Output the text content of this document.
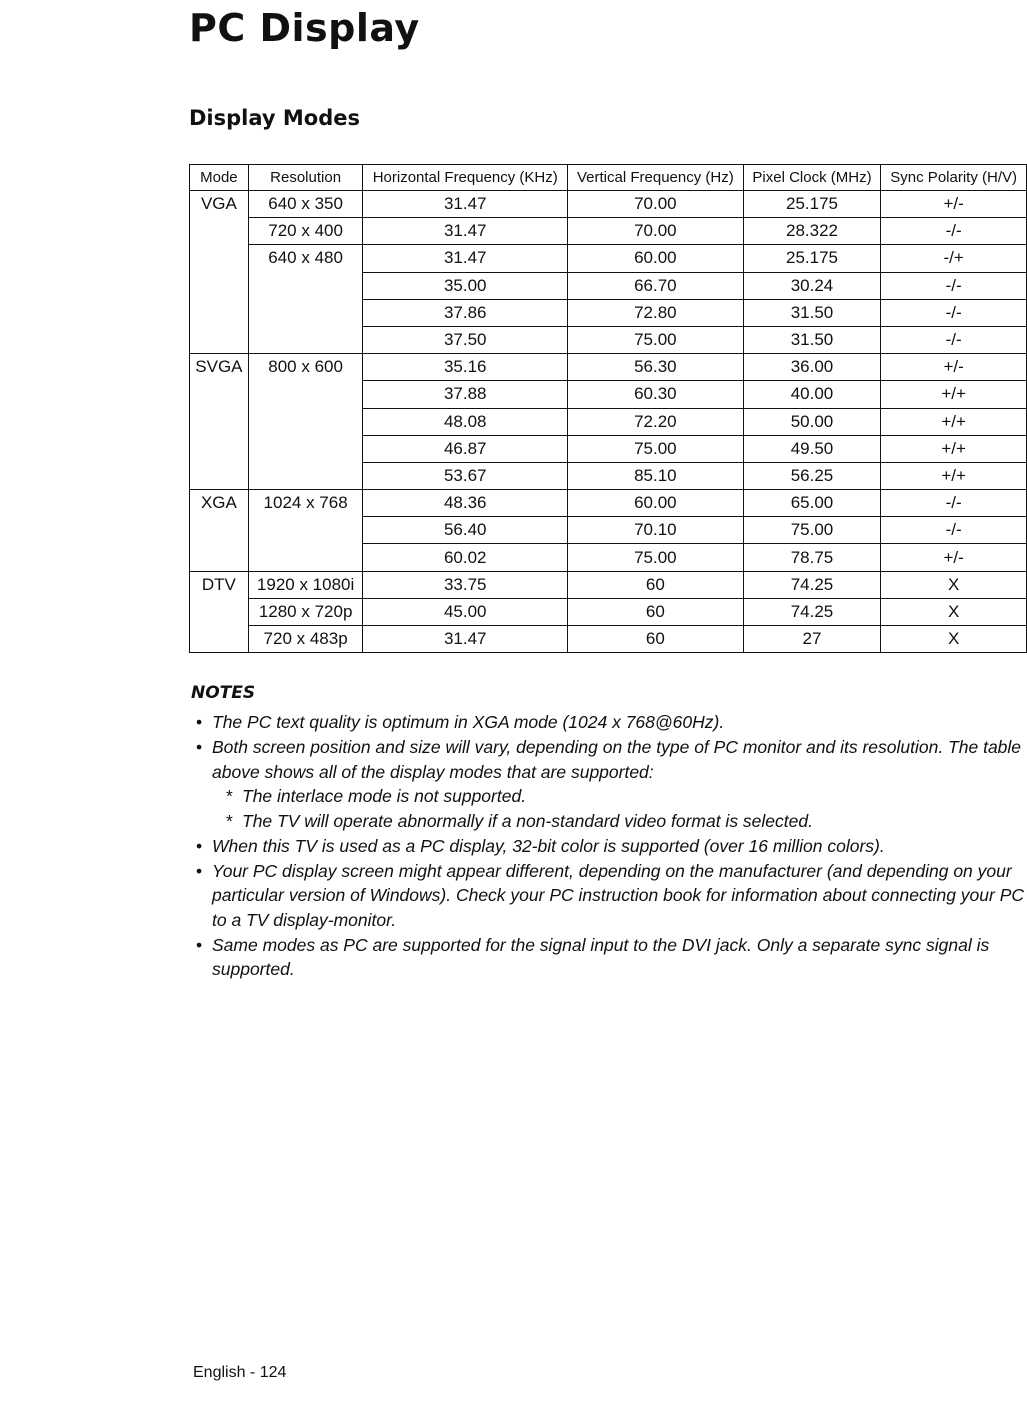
PC Display
Display Modes
Mode	Resolution	Horizontal Frequency (KHz)	Vertical Frequency (Hz)	Pixel Clock (MHz)	Sync Polarity (H/V)
VGA	640 x 350	31.47	70.00	25.175	+/-
	720 x 400	31.47	70.00	28.322	-/-
	640 x 480	31.47	60.00	25.175	-/+
		35.00	66.70	30.24	-/-
		37.86	72.80	31.50	-/-
		37.50	75.00	31.50	-/-
SVGA	800 x 600	35.16	56.30	36.00	+/-
		37.88	60.30	40.00	+/+
		48.08	72.20	50.00	+/+
		46.87	75.00	49.50	+/+
		53.67	85.10	56.25	+/+
XGA	1024 x 768	48.36	60.00	65.00	-/-
		56.40	70.10	75.00	-/-
		60.02	75.00	78.75	+/-
DTV	1920 x 1080i	33.75	60	74.25	X
	1280 x 720p	45.00	60	74.25	X
	720 x 483p	31.47	60	27	X
NOTES
• The PC text quality is optimum in XGA mode (1024 x 768@60Hz).
• Both screen position and size will vary, depending on the type of PC monitor and its resolution. The table above shows all of the display modes that are supported:
* The interlace mode is not supported.
* The TV will operate abnormally if a non-standard video format is selected.
• When this TV is used as a PC display, 32-bit color is supported (over 16 million colors).
• Your PC display screen might appear different, depending on the manufacturer (and depending on your particular version of Windows). Check your PC instruction book for information about connecting your PC to a TV display-monitor.
• Same modes as PC are supported for the signal input to the DVI jack. Only a separate sync signal is supported.
English - 124
